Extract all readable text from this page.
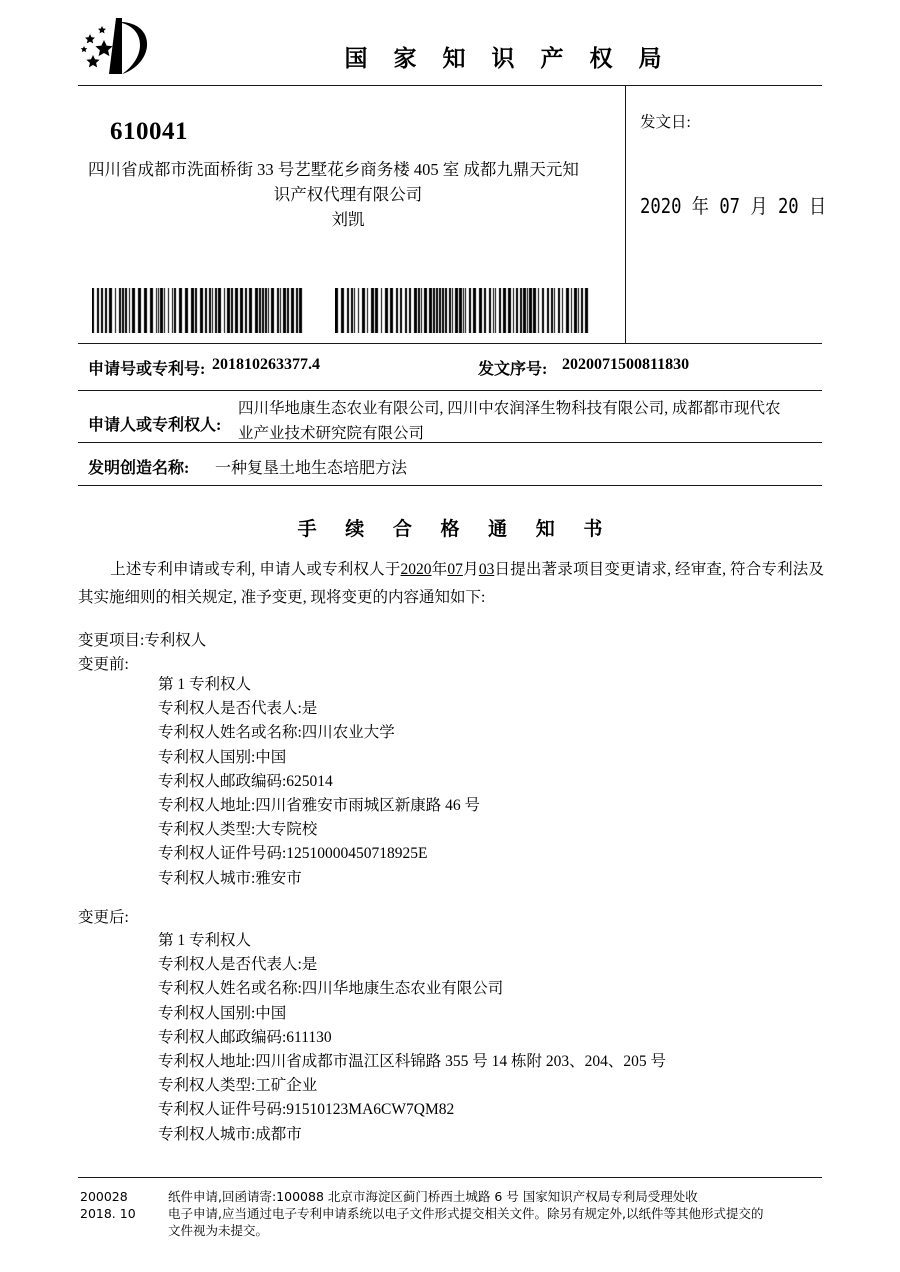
国 家 知 识 产 权 局
610041
四川省成都市洗面桥街 33 号艺墅花乡商务楼 405 室 成都九鼎天元知
识产权代理有限公司
刘凯
发文日:
2020 年 07 月 20 日
申请号或专利号: 201810263377.4	发文序号: 2020071500811830
申请人或专利权人:
四川华地康生态农业有限公司, 四川中农润泽生物科技有限公司, 成都都市现代农
业产业技术研究院有限公司
发明创造名称: 一种复垦土地生态培肥方法
手 续 合 格 通 知 书
上述专利申请或专利, 申请人或专利权人于2020年07月03日提出著录项目变更请求, 经审查, 符合专利法及其实施细则的相关规定, 准予变更, 现将变更的内容通知如下:
变更项目:专利权人
变更前:
第 1 专利权人
专利权人是否代表人:是
专利权人姓名或名称:四川农业大学
专利权人国别:中国
专利权人邮政编码:625014
专利权人地址:四川省雅安市雨城区新康路 46 号
专利权人类型:大专院校
专利权人证件号码:12510000450718925E
专利权人城市:雅安市
变更后:
第 1 专利权人
专利权人是否代表人:是
专利权人姓名或名称:四川华地康生态农业有限公司
专利权人国别:中国
专利权人邮政编码:611130
专利权人地址:四川省成都市温江区科锦路 355 号 14 栋附 203、204、205 号
专利权人类型:工矿企业
专利权人证件号码:91510123MA6CW7QM82
专利权人城市:成都市
200028
2018. 10
纸件申请,回函请寄:100088 北京市海淀区蓟门桥西土城路 6 号 国家知识产权局专利局受理处收
电子申请,应当通过电子专利申请系统以电子文件形式提交相关文件。除另有规定外,以纸件等其他形式提交的
文件视为未提交。
